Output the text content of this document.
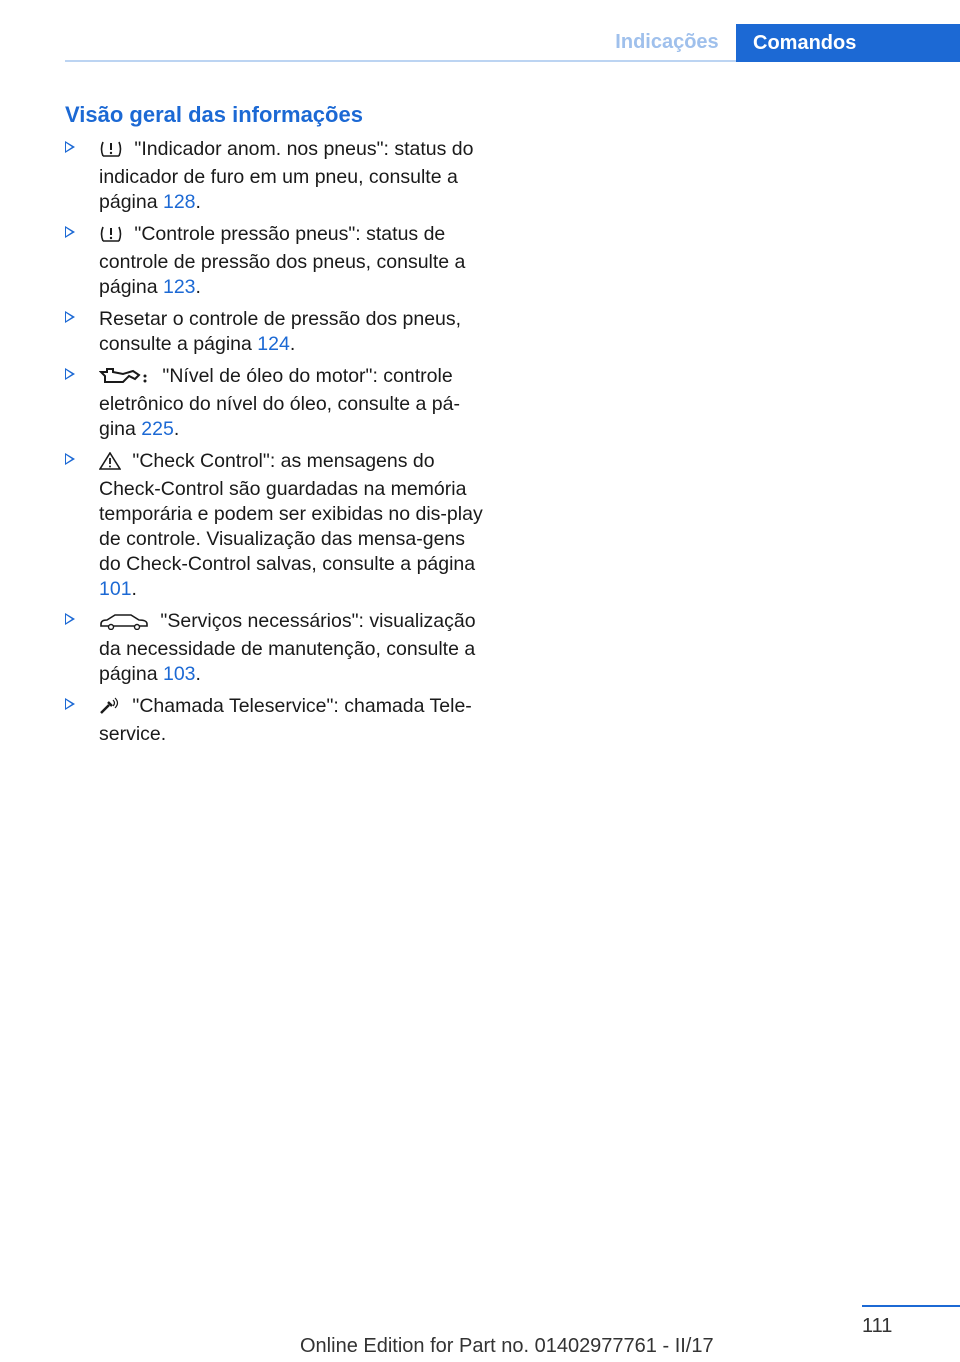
Indicações	Comandos
Visão geral das informações
"Indicador anom. nos pneus": status do indicador de furo em um pneu, consulte a página 128.
"Controle pressão pneus": status de controle de pressão dos pneus, consulte a página 123.
Resetar o controle de pressão dos pneus, consulte a página 124.
"Nível de óleo do motor": controle eletrônico do nível do óleo, consulte a pá-gina 225.
"Check Control": as mensagens do Check-Control são guardadas na memória temporária e podem ser exibidas no dis-play de controle. Visualização das mensa-gens do Check-Control salvas, consulte a página 101.
"Serviços necessários": visualização da necessidade de manutenção, consulte a página 103.
"Chamada Teleservice": chamada Tele-service.
111
Online Edition for Part no. 01402977761 - II/17
